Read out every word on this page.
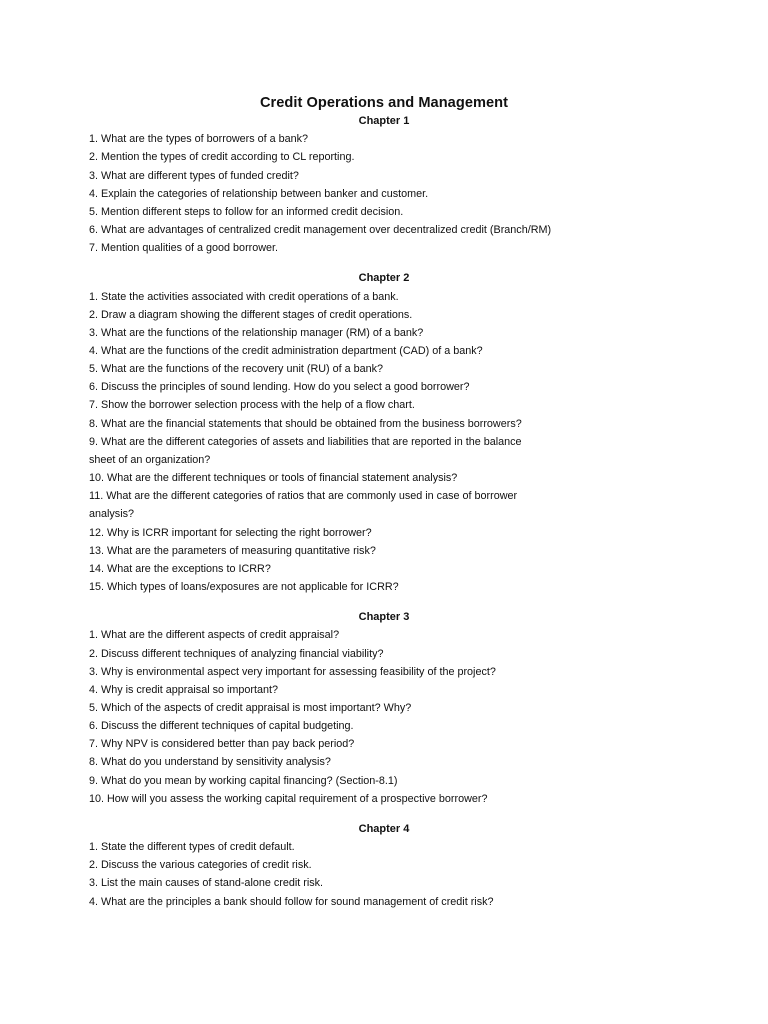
Credit Operations and Management
Chapter 1
1. What are the types of borrowers of a bank?
2. Mention the types of credit according to CL reporting.
3. What are different types of funded credit?
4. Explain the categories of relationship between banker and customer.
5. Mention different steps to follow for an informed credit decision.
6. What are advantages of centralized credit management over decentralized credit (Branch/RM)
7. Mention qualities of a good borrower.
Chapter 2
1. State the activities associated with credit operations of a bank.
2. Draw a diagram showing the different stages of credit operations.
3. What are the functions of the relationship manager (RM) of a bank?
4. What are the functions of the credit administration department (CAD) of a bank?
5. What are the functions of the recovery unit (RU) of a bank?
6. Discuss the principles of sound lending. How do you select a good borrower?
7. Show the borrower selection process with the help of a flow chart.
8. What are the financial statements that should be obtained from the business borrowers?
9. What are the different categories of assets and liabilities that are reported in the balance sheet of an organization?
10. What are the different techniques or tools of financial statement analysis?
11. What are the different categories of ratios that are commonly used in case of borrower analysis?
12. Why is ICRR important for selecting the right borrower?
13. What are the parameters of measuring quantitative risk?
14. What are the exceptions to ICRR?
15. Which types of loans/exposures are not applicable for ICRR?
Chapter 3
1. What are the different aspects of credit appraisal?
2. Discuss different techniques of analyzing financial viability?
3. Why is environmental aspect very important for assessing feasibility of the project?
4. Why is credit appraisal so important?
5. Which of the aspects of credit appraisal is most important? Why?
6. Discuss the different techniques of capital budgeting.
7. Why NPV is considered better than pay back period?
8. What do you understand by sensitivity analysis?
9. What do you mean by working capital financing? (Section-8.1)
10. How will you assess the working capital requirement of a prospective borrower?
Chapter 4
1. State the different types of credit default.
2. Discuss the various categories of credit risk.
3. List the main causes of stand-alone credit risk.
4. What are the principles a bank should follow for sound management of credit risk?
